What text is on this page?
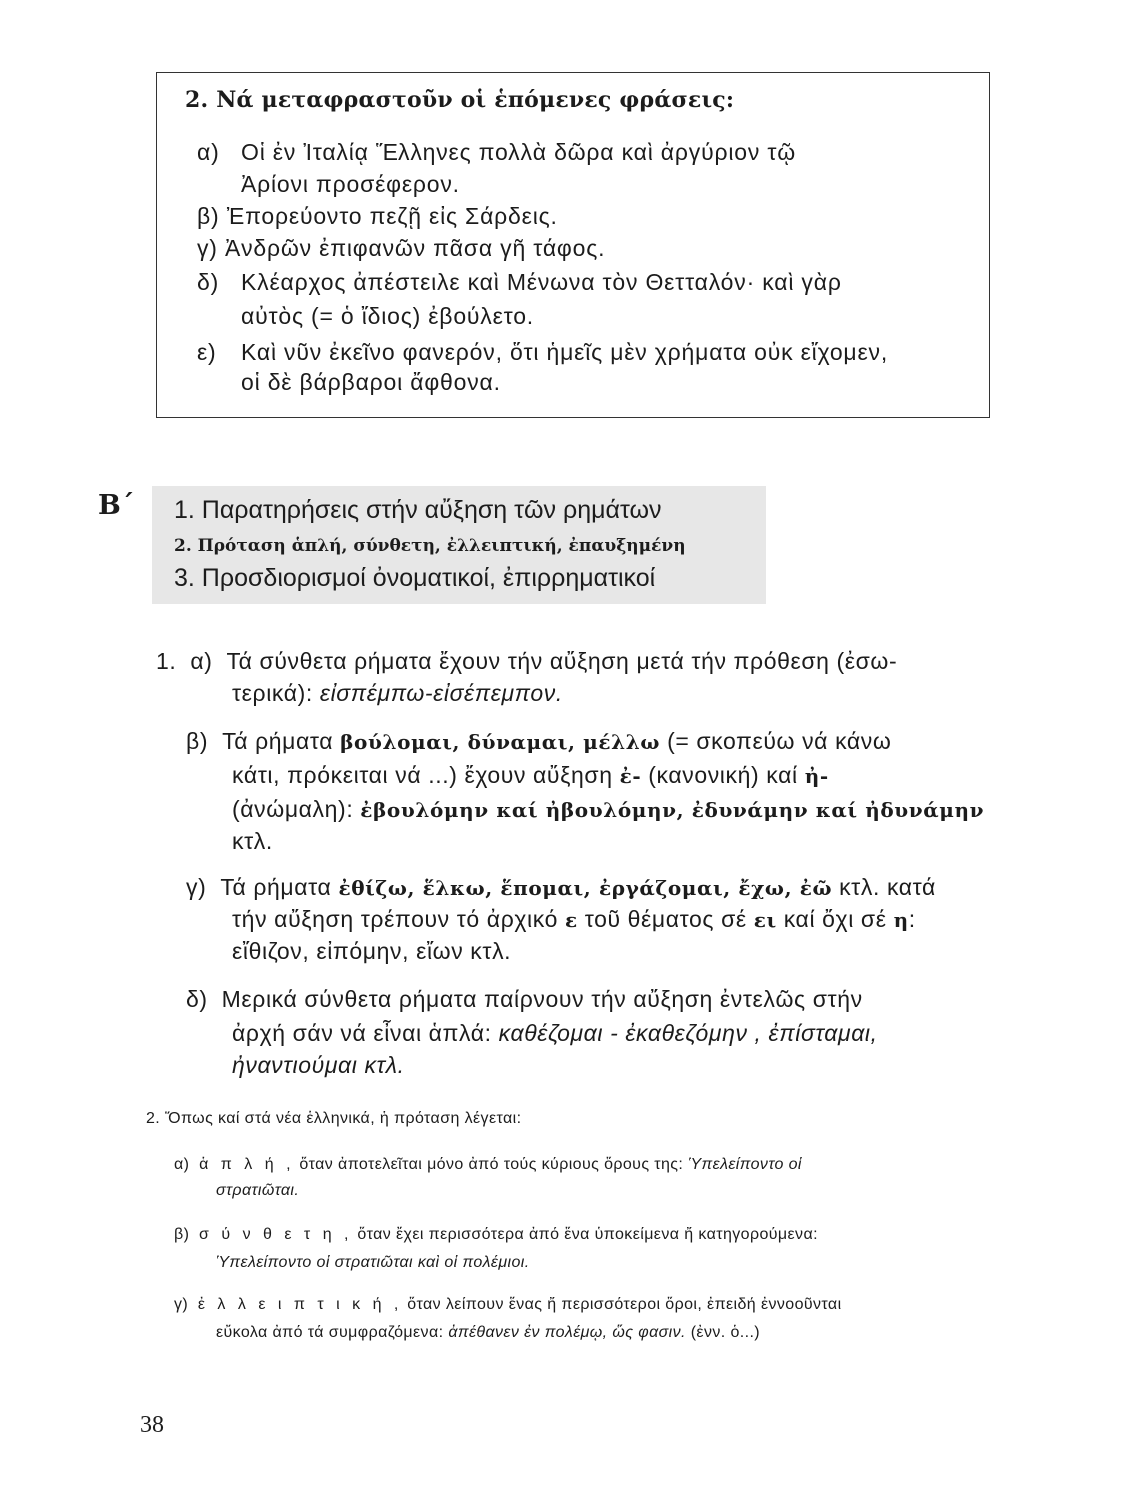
2. Νά μεταφραστοῦν οἱ ἑπόμενες φράσεις:

α) Οἱ ἐν Ἰταλίᾳ Ἕλληνες πολλὰ δῶρα καὶ ἀργύριον τῷ

Ἀρίονι προσέφερον.

β) Ἐπορεύοντο πεζῇ εἰς Σάρδεις.

γ) Ἀνδρῶν ἐπιφανῶν πᾶσα γῆ τάφος.

δ) Κλέαρχος ἀπέστειλε καὶ Μένωνα τὸν Θετταλόν· καὶ γὰρ

αὐτὸς (= ὁ ἴδιος) ἐβούλετο.

ε) Καὶ νῦν ἐκεῖνο φανερόν, ὅτι ἡμεῖς μὲν χρήματα οὐκ εἴχομεν,

οἱ δὲ βάρβαροι ἄφθονα.

Β΄ 1. Παρατηρήσεις στήν αὔξηση τῶν ρημάτων

2. Πρόταση ἁπλή, σύνθετη, ἐλλειπτική, ἐπαυξημένη

3. Προσδιορισμοί ὀνοματικοί, ἐπιρρηματικοί

1. α) Τά σύνθετα ρήματα ἔχουν τήν αὔξηση μετά τήν πρόθεση (ἐσω-

τερικά): εἰσπέμπω-εἰσέπεμπον.

β) Τά ρήματα βούλομαι, δύναμαι, μέλλω (= σκοπεύω νά κάνω

κάτι, πρόκειται νά ...) ἔχουν αὔξηση ἐ- (κανονική) καί ἠ-

(ἀνώμαλη): ἐβουλόμην καί ἠβουλόμην, ἐδυνάμην καί ἠδυνάμην

κτλ.

γ) Τά ρήματα ἐθίζω, ἕλκω, ἕπομαι, ἐργάζομαι, ἔχω, ἐῶ κτλ. κατά

τήν αὔξηση τρέπουν τό ἀρχικό ε τοῦ θέματος σέ ει καί ὄχι σέ η:

εἴθιζον, εἰπόμην, εἴων κτλ.

δ) Μερικά σύνθετα ρήματα παίρνουν τήν αὔξηση ἐντελῶς στήν

ἀρχή σάν νά εἶναι ἁπλά: καθέζομαι - ἐκαθεζόμην , ἐπίσταμαι,

ἠναντιούμαι κτλ.

2. Ὅπως καί στά νέα ἑλληνικά, ἡ πρόταση λέγεται:

α) ἁ π λ ή , ὅταν ἀποτελεῖται μόνο ἀπό τούς κύριους ὅρους της: Ὑπελείποντο οἱ

στρατιῶται.

β) σ ύ ν θ ε τ η , ὅταν ἔχει περισσότερα ἀπό ἕνα ὑποκείμενα ἤ κατηγορούμενα:

Ὑπελείποντο οἱ στρατιῶται καὶ οἱ πολέμιοι.

γ) ἐ λ λ ε ι π τ ι κ ή , ὅταν λείπουν ἕνας ἤ περισσότεροι ὅροι, ἐπειδή ἐννοοῦνται

εὔκολα ἀπό τά συμφραζόμενα: ἀπέθανεν ἐν πολέμῳ, ὥς φασιν. (ἐνν. ὁ...)

38
